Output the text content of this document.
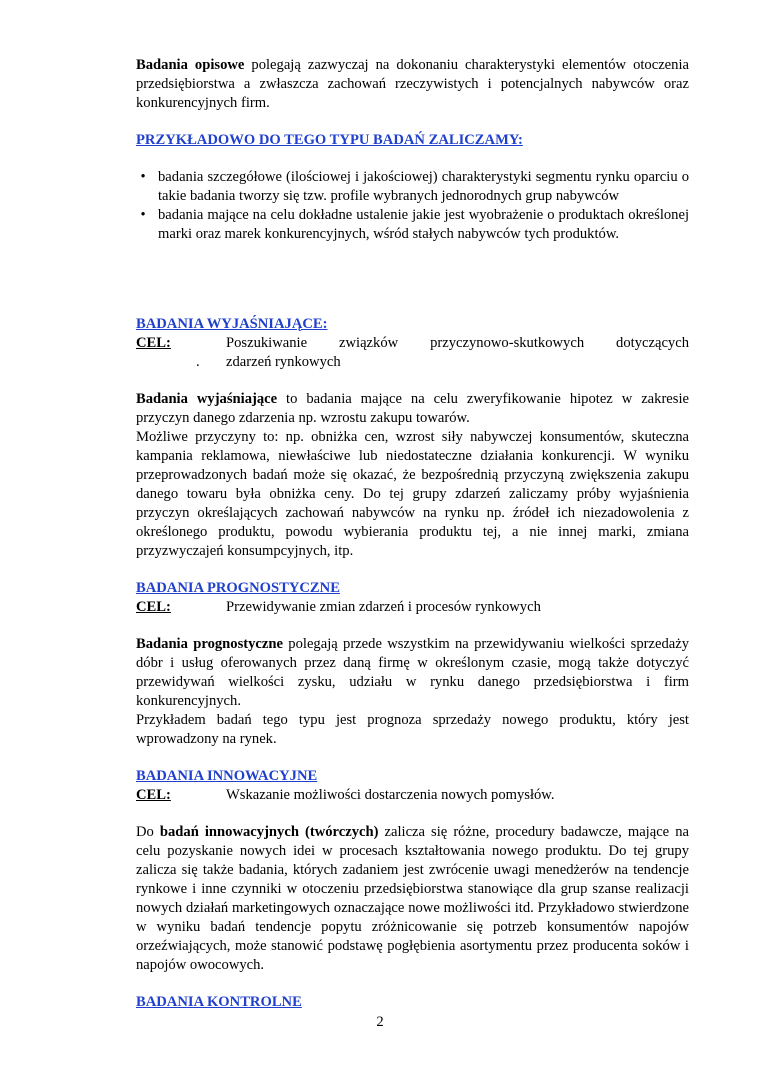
Badania opisowe polegają zazwyczaj na dokonaniu charakterystyki elementów otoczenia przedsiębiorstwa a zwłaszcza zachowań rzeczywistych i potencjalnych nabywców oraz konkurencyjnych firm.

PRZYKŁADOWO DO TEGO TYPU BADAŃ ZALICZAMY:

• badania szczegółowe (ilościowej i jakościowej) charakterystyki segmentu rynku oparciu o takie badania tworzy się tzw. profile wybranych jednorodnych grup nabywców
• badania mające na celu dokładne ustalenie jakie jest wyobrażenie o produktach określonej marki oraz marek konkurencyjnych, wśród stałych nabywców tych produktów.

BADANIA WYJAŚNIAJĄCE:

CEL:	Poszukiwanie związków przyczynowo-skutkowych dotyczących
.	zdarzeń rynkowych

Badania wyjaśniające to badania mające na celu zweryfikowanie hipotez w zakresie przyczyn danego zdarzenia np. wzrostu zakupu towarów.

Możliwe przyczyny to: np. obniżka cen, wzrost siły nabywczej konsumentów, skuteczna kampania reklamowa, niewłaściwe lub niedostateczne działania konkurencji. W wyniku przeprowadzonych badań może się okazać, że bezpośrednią przyczyną zwiększenia zakupu danego towaru była obniżka ceny. Do tej grupy zdarzeń zaliczamy próby wyjaśnienia przyczyn określających zachowań nabywców na rynku np. źródeł ich niezadowolenia z określonego produktu, powodu wybierania produktu tej, a nie innej marki, zmiana przyzwyczajeń konsumpcyjnych, itp.

BADANIA PROGNOSTYCZNE

CEL:	Przewidywanie zmian zdarzeń i procesów rynkowych

Badania prognostyczne polegają przede wszystkim na przewidywaniu wielkości sprzedaży dóbr i usług oferowanych przez daną firmę w określonym czasie, mogą także dotyczyć przewidywań wielkości zysku, udziału w rynku danego przedsiębiorstwa i firm konkurencyjnych.

Przykładem badań tego typu jest prognoza sprzedaży nowego produktu, który jest wprowadzony na rynek.

BADANIA INNOWACYJNE

CEL:	Wskazanie możliwości dostarczenia nowych pomysłów.

Do badań innowacyjnych (twórczych) zalicza się różne, procedury badawcze, mające na celu pozyskanie nowych idei w procesach kształtowania nowego produktu. Do tej grupy zalicza się także badania, których zadaniem jest zwrócenie uwagi menedżerów na tendencje rynkowe i inne czynniki w otoczeniu przedsiębiorstwa stanowiące dla grup szanse realizacji nowych działań marketingowych oznaczające nowe możliwości itd. Przykładowo stwierdzone w wyniku badań tendencje popytu zróżnicowanie się potrzeb konsumentów napojów orzeźwiających, może stanowić podstawę pogłębienia asortymentu przez producenta soków i napojów owocowych.

BADANIA KONTROLNE

2
